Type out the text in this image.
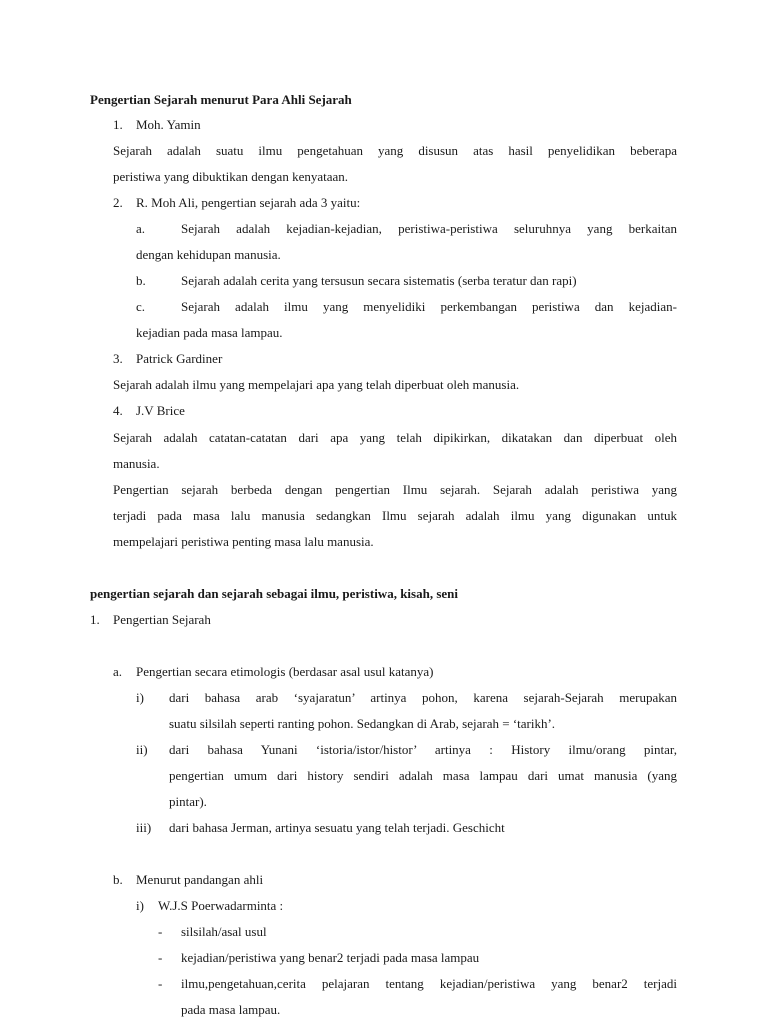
Pengertian Sejarah menurut Para Ahli Sejarah
1. Moh. Yamin
Sejarah adalah suatu ilmu pengetahuan yang disusun atas hasil penyelidikan beberapa
peristiwa yang dibuktikan dengan kenyataan.
2. R. Moh Ali, pengertian sejarah ada 3 yaitu:
a.	Sejarah adalah kejadian-kejadian, peristiwa-peristiwa seluruhnya yang berkaitan
dengan kehidupan manusia.
b.	Sejarah adalah cerita yang tersusun secara sistematis (serba teratur dan rapi)
c.	Sejarah adalah ilmu yang menyelidiki perkembangan peristiwa dan kejadian-
kejadian pada masa lampau.
3. Patrick Gardiner
Sejarah adalah ilmu yang mempelajari apa yang telah diperbuat oleh manusia.
4. J.V Brice
Sejarah adalah catatan-catatan dari apa yang telah dipikirkan, dikatakan dan diperbuat oleh
manusia.
Pengertian sejarah berbeda dengan pengertian Ilmu sejarah. Sejarah adalah peristiwa yang
terjadi pada masa lalu manusia sedangkan Ilmu sejarah adalah ilmu yang digunakan untuk
mempelajari peristiwa penting masa lalu manusia.
pengertian sejarah dan sejarah sebagai ilmu, peristiwa, kisah, seni
1. Pengertian Sejarah
a. Pengertian secara etimologis (berdasar asal usul katanya)
i) dari bahasa arab ‘syajaratun’ artinya pohon, karena sejarah-Sejarah merupakan
suatu silsilah seperti ranting pohon. Sedangkan di Arab, sejarah = ‘tarikh’.
ii) dari bahasa Yunani ‘istoria/istor/histor’ artinya : History ilmu/orang pintar,
pengertian umum dari history sendiri adalah masa lampau dari umat manusia (yang
pintar).
iii) dari bahasa Jerman, artinya sesuatu yang telah terjadi. Geschicht
b. Menurut pandangan ahli
i) W.J.S Poerwadarminta :
- silsilah/asal usul
- kejadian/peristiwa yang benar2 terjadi pada masa lampau
- ilmu,pengetahuan,cerita pelajaran tentang kejadian/peristiwa yang benar2 terjadi
pada masa lampau.
